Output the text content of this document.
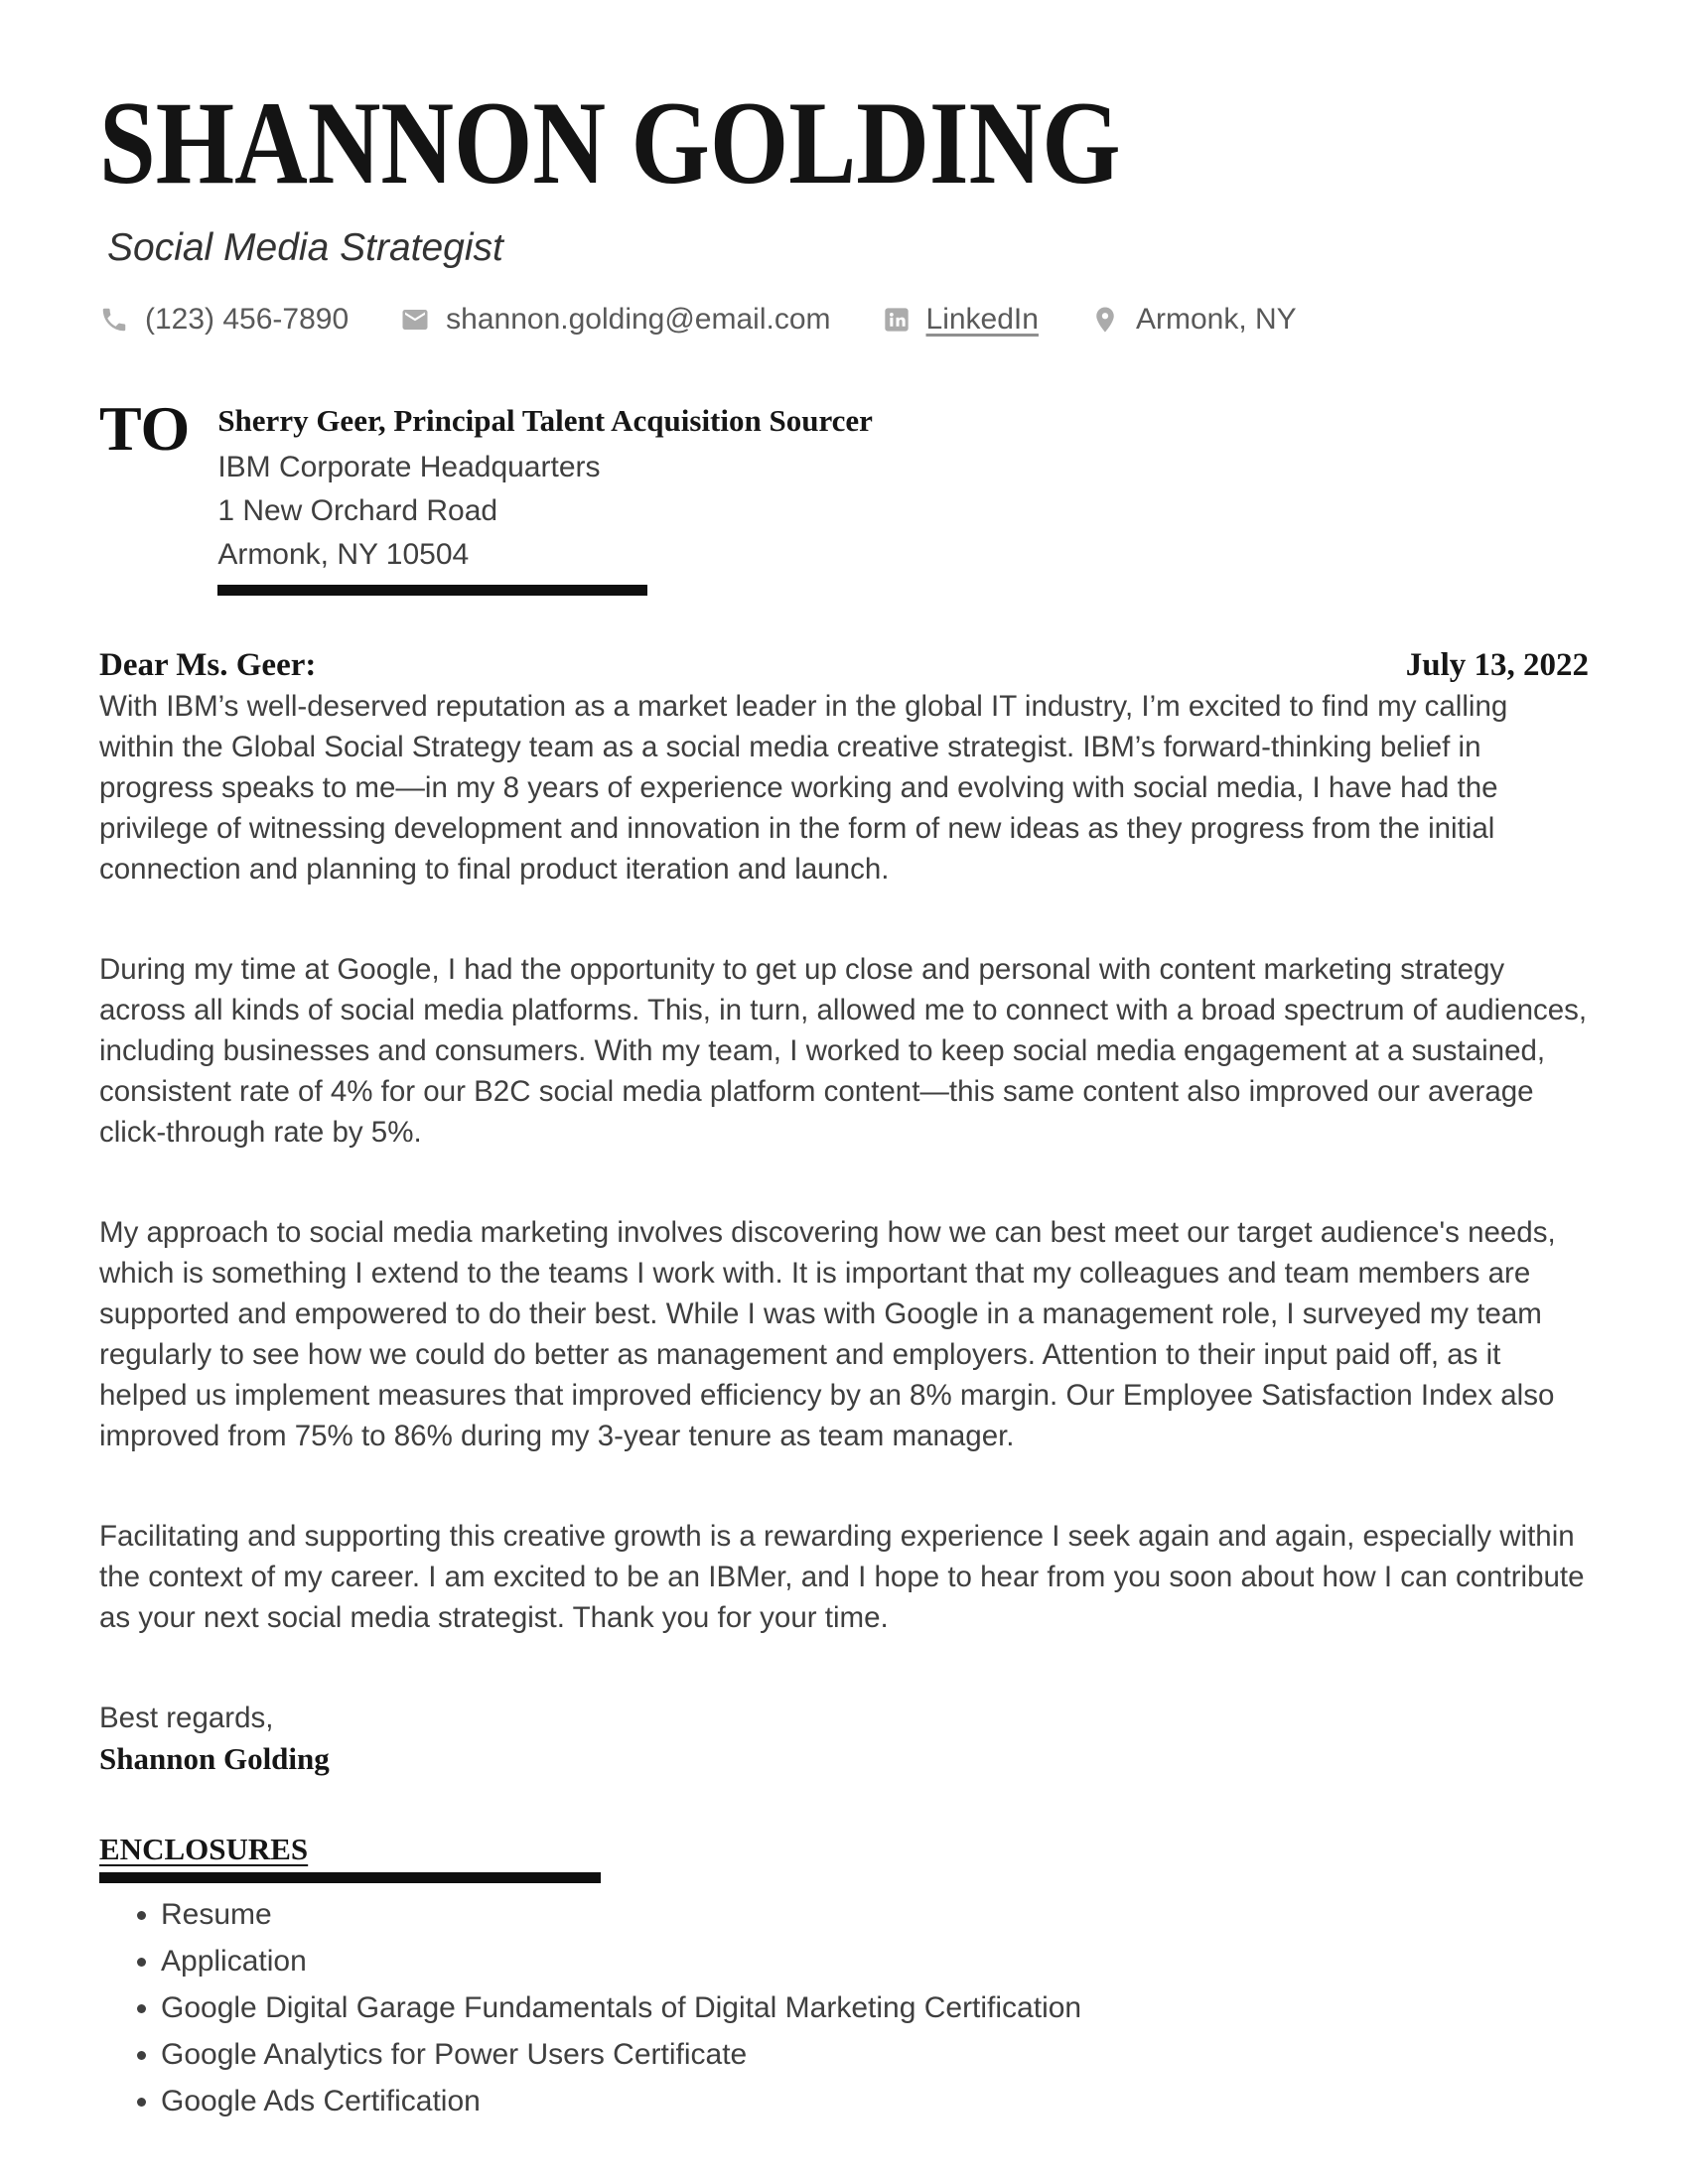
SHANNON GOLDING
Social Media Strategist
(123) 456-7890	shannon.golding@email.com	LinkedIn	Armonk, NY
TO Sherry Geer, Principal Talent Acquisition Sourcer
IBM Corporate Headquarters
1 New Orchard Road
Armonk, NY 10504
Dear Ms. Geer:	July 13, 2022

With IBM’s well-deserved reputation as a market leader in the global IT industry, I’m excited to find my calling within the Global Social Strategy team as a social media creative strategist. IBM’s forward-thinking belief in progress speaks to me—in my 8 years of experience working and evolving with social media, I have had the privilege of witnessing development and innovation in the form of new ideas as they progress from the initial connection and planning to final product iteration and launch.

During my time at Google, I had the opportunity to get up close and personal with content marketing strategy across all kinds of social media platforms. This, in turn, allowed me to connect with a broad spectrum of audiences, including businesses and consumers. With my team, I worked to keep social media engagement at a sustained, consistent rate of 4% for our B2C social media platform content—this same content also improved our average click-through rate by 5%.

My approach to social media marketing involves discovering how we can best meet our target audience's needs, which is something I extend to the teams I work with. It is important that my colleagues and team members are supported and empowered to do their best. While I was with Google in a management role, I surveyed my team regularly to see how we could do better as management and employers. Attention to their input paid off, as it helped us implement measures that improved efficiency by an 8% margin. Our Employee Satisfaction Index also improved from 75% to 86% during my 3-year tenure as team manager.

Facilitating and supporting this creative growth is a rewarding experience I seek again and again, especially within the context of my career. I am excited to be an IBMer, and I hope to hear from you soon about how I can contribute as your next social media strategist. Thank you for your time.

Best regards,

Shannon Golding
ENCLOSURES
• Resume
• Application
• Google Digital Garage Fundamentals of Digital Marketing Certification
• Google Analytics for Power Users Certificate
• Google Ads Certification
